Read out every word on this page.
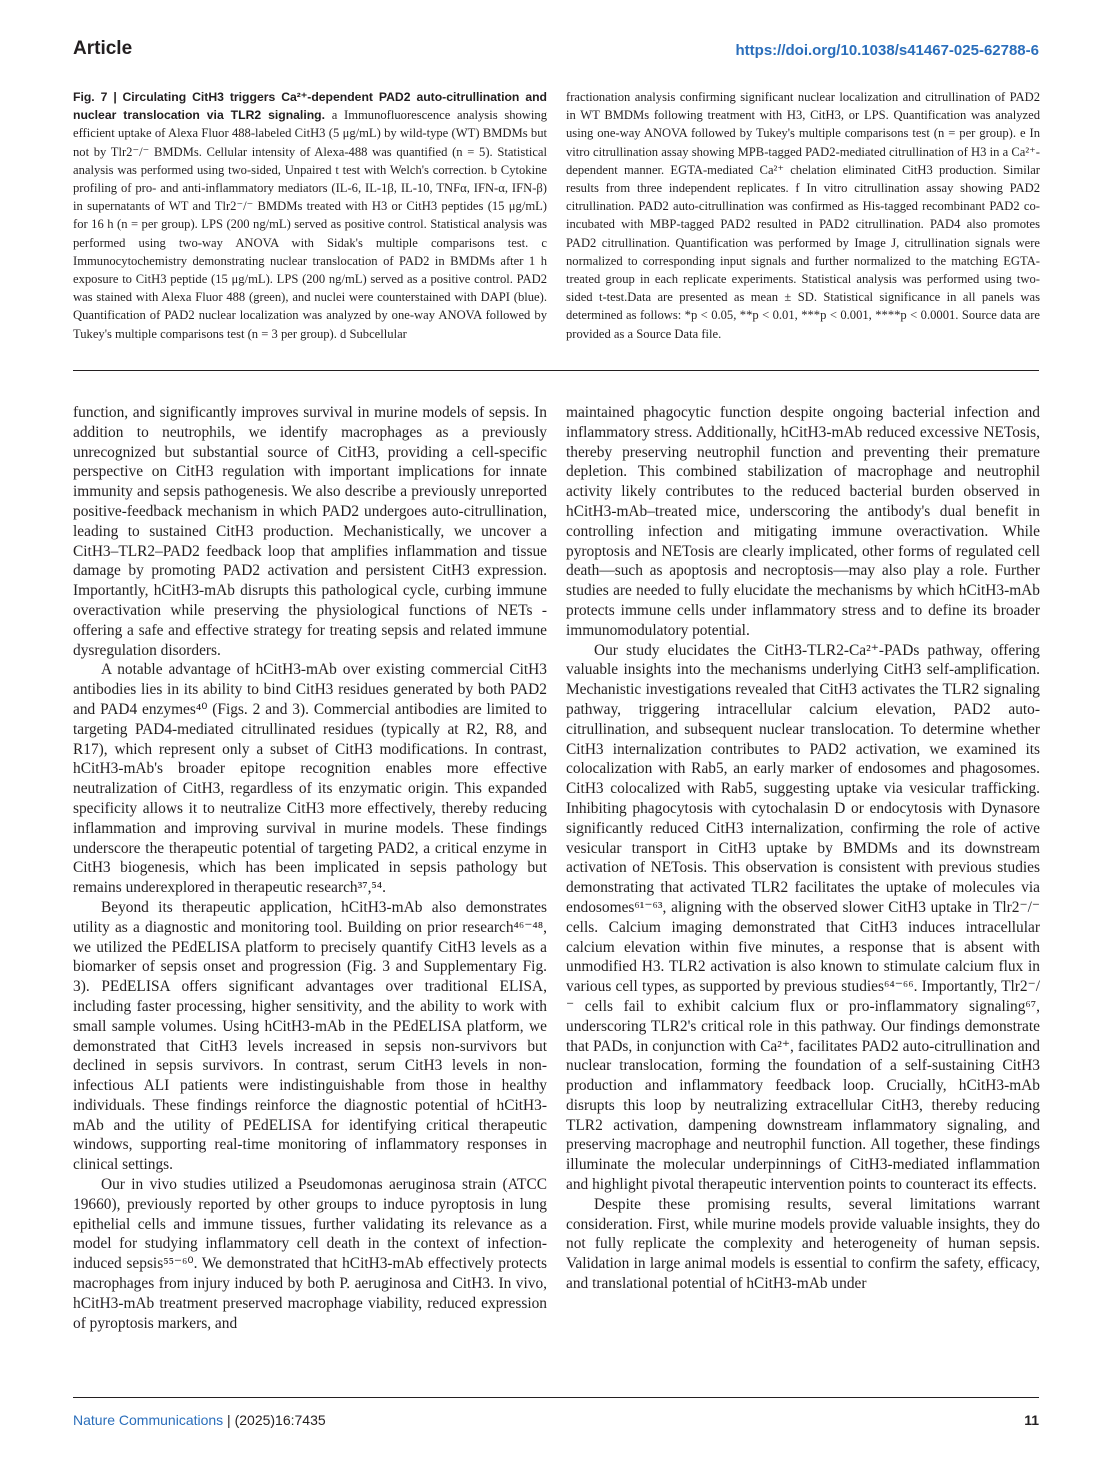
Article	https://doi.org/10.1038/s41467-025-62788-6
Fig. 7 | Circulating CitH3 triggers Ca²⁺-dependent PAD2 auto-citrullination and nuclear translocation via TLR2 signaling. a Immunofluorescence analysis showing efficient uptake of Alexa Fluor 488-labeled CitH3 (5 μg/mL) by wild-type (WT) BMDMs but not by Tlr2⁻/⁻ BMDMs. Cellular intensity of Alexa-488 was quantified (n = 5). Statistical analysis was performed using two-sided, Unpaired t test with Welch's correction. b Cytokine profiling of pro- and anti-inflammatory mediators (IL-6, IL-1β, IL-10, TNFα, IFN-α, IFN-β) in supernatants of WT and Tlr2⁻/⁻ BMDMs treated with H3 or CitH3 peptides (15 μg/mL) for 16 h (n = per group). LPS (200 ng/mL) served as positive control. Statistical analysis was performed using two-way ANOVA with Sidak's multiple comparisons test. c Immunocytochemistry demonstrating nuclear translocation of PAD2 in BMDMs after 1 h exposure to CitH3 peptide (15 μg/mL). LPS (200 ng/mL) served as a positive control. PAD2 was stained with Alexa Fluor 488 (green), and nuclei were counterstained with DAPI (blue). Quantification of PAD2 nuclear localization was analyzed by one-way ANOVA followed by Tukey's multiple comparisons test (n = 3 per group). d Subcellular
fractionation analysis confirming significant nuclear localization and citrullination of PAD2 in WT BMDMs following treatment with H3, CitH3, or LPS. Quantification was analyzed using one-way ANOVA followed by Tukey's multiple comparisons test (n = per group). e In vitro citrullination assay showing MPB-tagged PAD2-mediated citrullination of H3 in a Ca²⁺-dependent manner. EGTA-mediated Ca²⁺ chelation eliminated CitH3 production. Similar results from three independent replicates. f In vitro citrullination assay showing PAD2 citrullination. PAD2 auto-citrullination was confirmed as His-tagged recombinant PAD2 co-incubated with MBP-tagged PAD2 resulted in PAD2 citrullination. PAD4 also promotes PAD2 citrullination. Quantification was performed by Image J, citrullination signals were normalized to corresponding input signals and further normalized to the matching EGTA-treated group in each replicate experiments. Statistical analysis was performed using two-sided t-test.Data are presented as mean ± SD. Statistical significance in all panels was determined as follows: *p < 0.05, **p < 0.01, ***p < 0.001, ****p < 0.0001. Source data are provided as a Source Data file.

function, and significantly improves survival in murine models of sepsis. In addition to neutrophils, we identify macrophages as a previously unrecognized but substantial source of CitH3, providing a cell-specific perspective on CitH3 regulation with important implications for innate immunity and sepsis pathogenesis. We also describe a previously unreported positive-feedback mechanism in which PAD2 undergoes auto-citrullination, leading to sustained CitH3 production. Mechanistically, we uncover a CitH3–TLR2–PAD2 feedback loop that amplifies inflammation and tissue damage by promoting PAD2 activation and persistent CitH3 expression. Importantly, hCitH3-mAb disrupts this pathological cycle, curbing immune overactivation while preserving the physiological functions of NETs - offering a safe and effective strategy for treating sepsis and related immune dysregulation disorders.

A notable advantage of hCitH3-mAb over existing commercial CitH3 antibodies lies in its ability to bind CitH3 residues generated by both PAD2 and PAD4 enzymes⁴⁰ (Figs. 2 and 3). Commercial antibodies are limited to targeting PAD4-mediated citrullinated residues (typically at R2, R8, and R17), which represent only a subset of CitH3 modifications. In contrast, hCitH3-mAb's broader epitope recognition enables more effective neutralization of CitH3, regardless of its enzymatic origin. This expanded specificity allows it to neutralize CitH3 more effectively, thereby reducing inflammation and improving survival in murine models. These findings underscore the therapeutic potential of targeting PAD2, a critical enzyme in CitH3 biogenesis, which has been implicated in sepsis pathology but remains underexplored in therapeutic research³⁷,⁵⁴.

Beyond its therapeutic application, hCitH3-mAb also demonstrates utility as a diagnostic and monitoring tool. Building on prior research⁴⁶⁻⁴⁸, we utilized the PEdELISA platform to precisely quantify CitH3 levels as a biomarker of sepsis onset and progression (Fig. 3 and Supplementary Fig. 3). PEdELISA offers significant advantages over traditional ELISA, including faster processing, higher sensitivity, and the ability to work with small sample volumes. Using hCitH3-mAb in the PEdELISA platform, we demonstrated that CitH3 levels increased in sepsis non-survivors but declined in sepsis survivors. In contrast, serum CitH3 levels in non-infectious ALI patients were indistinguishable from those in healthy individuals. These findings reinforce the diagnostic potential of hCitH3-mAb and the utility of PEdELISA for identifying critical therapeutic windows, supporting real-time monitoring of inflammatory responses in clinical settings.

Our in vivo studies utilized a Pseudomonas aeruginosa strain (ATCC 19660), previously reported by other groups to induce pyroptosis in lung epithelial cells and immune tissues, further validating its relevance as a model for studying inflammatory cell death in the context of infection-induced sepsis⁵⁵⁻⁶⁰. We demonstrated that hCitH3-mAb effectively protects macrophages from injury induced by both P. aeruginosa and CitH3. In vivo, hCitH3-mAb treatment preserved macrophage viability, reduced expression of pyroptosis markers, and

maintained phagocytic function despite ongoing bacterial infection and inflammatory stress. Additionally, hCitH3-mAb reduced excessive NETosis, thereby preserving neutrophil function and preventing their premature depletion. This combined stabilization of macrophage and neutrophil activity likely contributes to the reduced bacterial burden observed in hCitH3-mAb–treated mice, underscoring the antibody's dual benefit in controlling infection and mitigating immune overactivation. While pyroptosis and NETosis are clearly implicated, other forms of regulated cell death—such as apoptosis and necroptosis—may also play a role. Further studies are needed to fully elucidate the mechanisms by which hCitH3-mAb protects immune cells under inflammatory stress and to define its broader immunomodulatory potential.

Our study elucidates the CitH3-TLR2-Ca²⁺-PADs pathway, offering valuable insights into the mechanisms underlying CitH3 self-amplification. Mechanistic investigations revealed that CitH3 activates the TLR2 signaling pathway, triggering intracellular calcium elevation, PAD2 auto-citrullination, and subsequent nuclear translocation. To determine whether CitH3 internalization contributes to PAD2 activation, we examined its colocalization with Rab5, an early marker of endosomes and phagosomes. CitH3 colocalized with Rab5, suggesting uptake via vesicular trafficking. Inhibiting phagocytosis with cytochalasin D or endocytosis with Dynasore significantly reduced CitH3 internalization, confirming the role of active vesicular transport in CitH3 uptake by BMDMs and its downstream activation of NETosis. This observation is consistent with previous studies demonstrating that activated TLR2 facilitates the uptake of molecules via endosomes⁶¹⁻⁶³, aligning with the observed slower CitH3 uptake in Tlr2⁻/⁻ cells. Calcium imaging demonstrated that CitH3 induces intracellular calcium elevation within five minutes, a response that is absent with unmodified H3. TLR2 activation is also known to stimulate calcium flux in various cell types, as supported by previous studies⁶⁴⁻⁶⁶. Importantly, Tlr2⁻/⁻ cells fail to exhibit calcium flux or pro-inflammatory signaling⁶⁷, underscoring TLR2's critical role in this pathway. Our findings demonstrate that PADs, in conjunction with Ca²⁺, facilitates PAD2 auto-citrullination and nuclear translocation, forming the foundation of a self-sustaining CitH3 production and inflammatory feedback loop. Crucially, hCitH3-mAb disrupts this loop by neutralizing extracellular CitH3, thereby reducing TLR2 activation, dampening downstream inflammatory signaling, and preserving macrophage and neutrophil function. All together, these findings illuminate the molecular underpinnings of CitH3-mediated inflammation and highlight pivotal therapeutic intervention points to counteract its effects.

Despite these promising results, several limitations warrant consideration. First, while murine models provide valuable insights, they do not fully replicate the complexity and heterogeneity of human sepsis. Validation in large animal models is essential to confirm the safety, efficacy, and translational potential of hCitH3-mAb under

Nature Communications | (2025)16:7435	11
